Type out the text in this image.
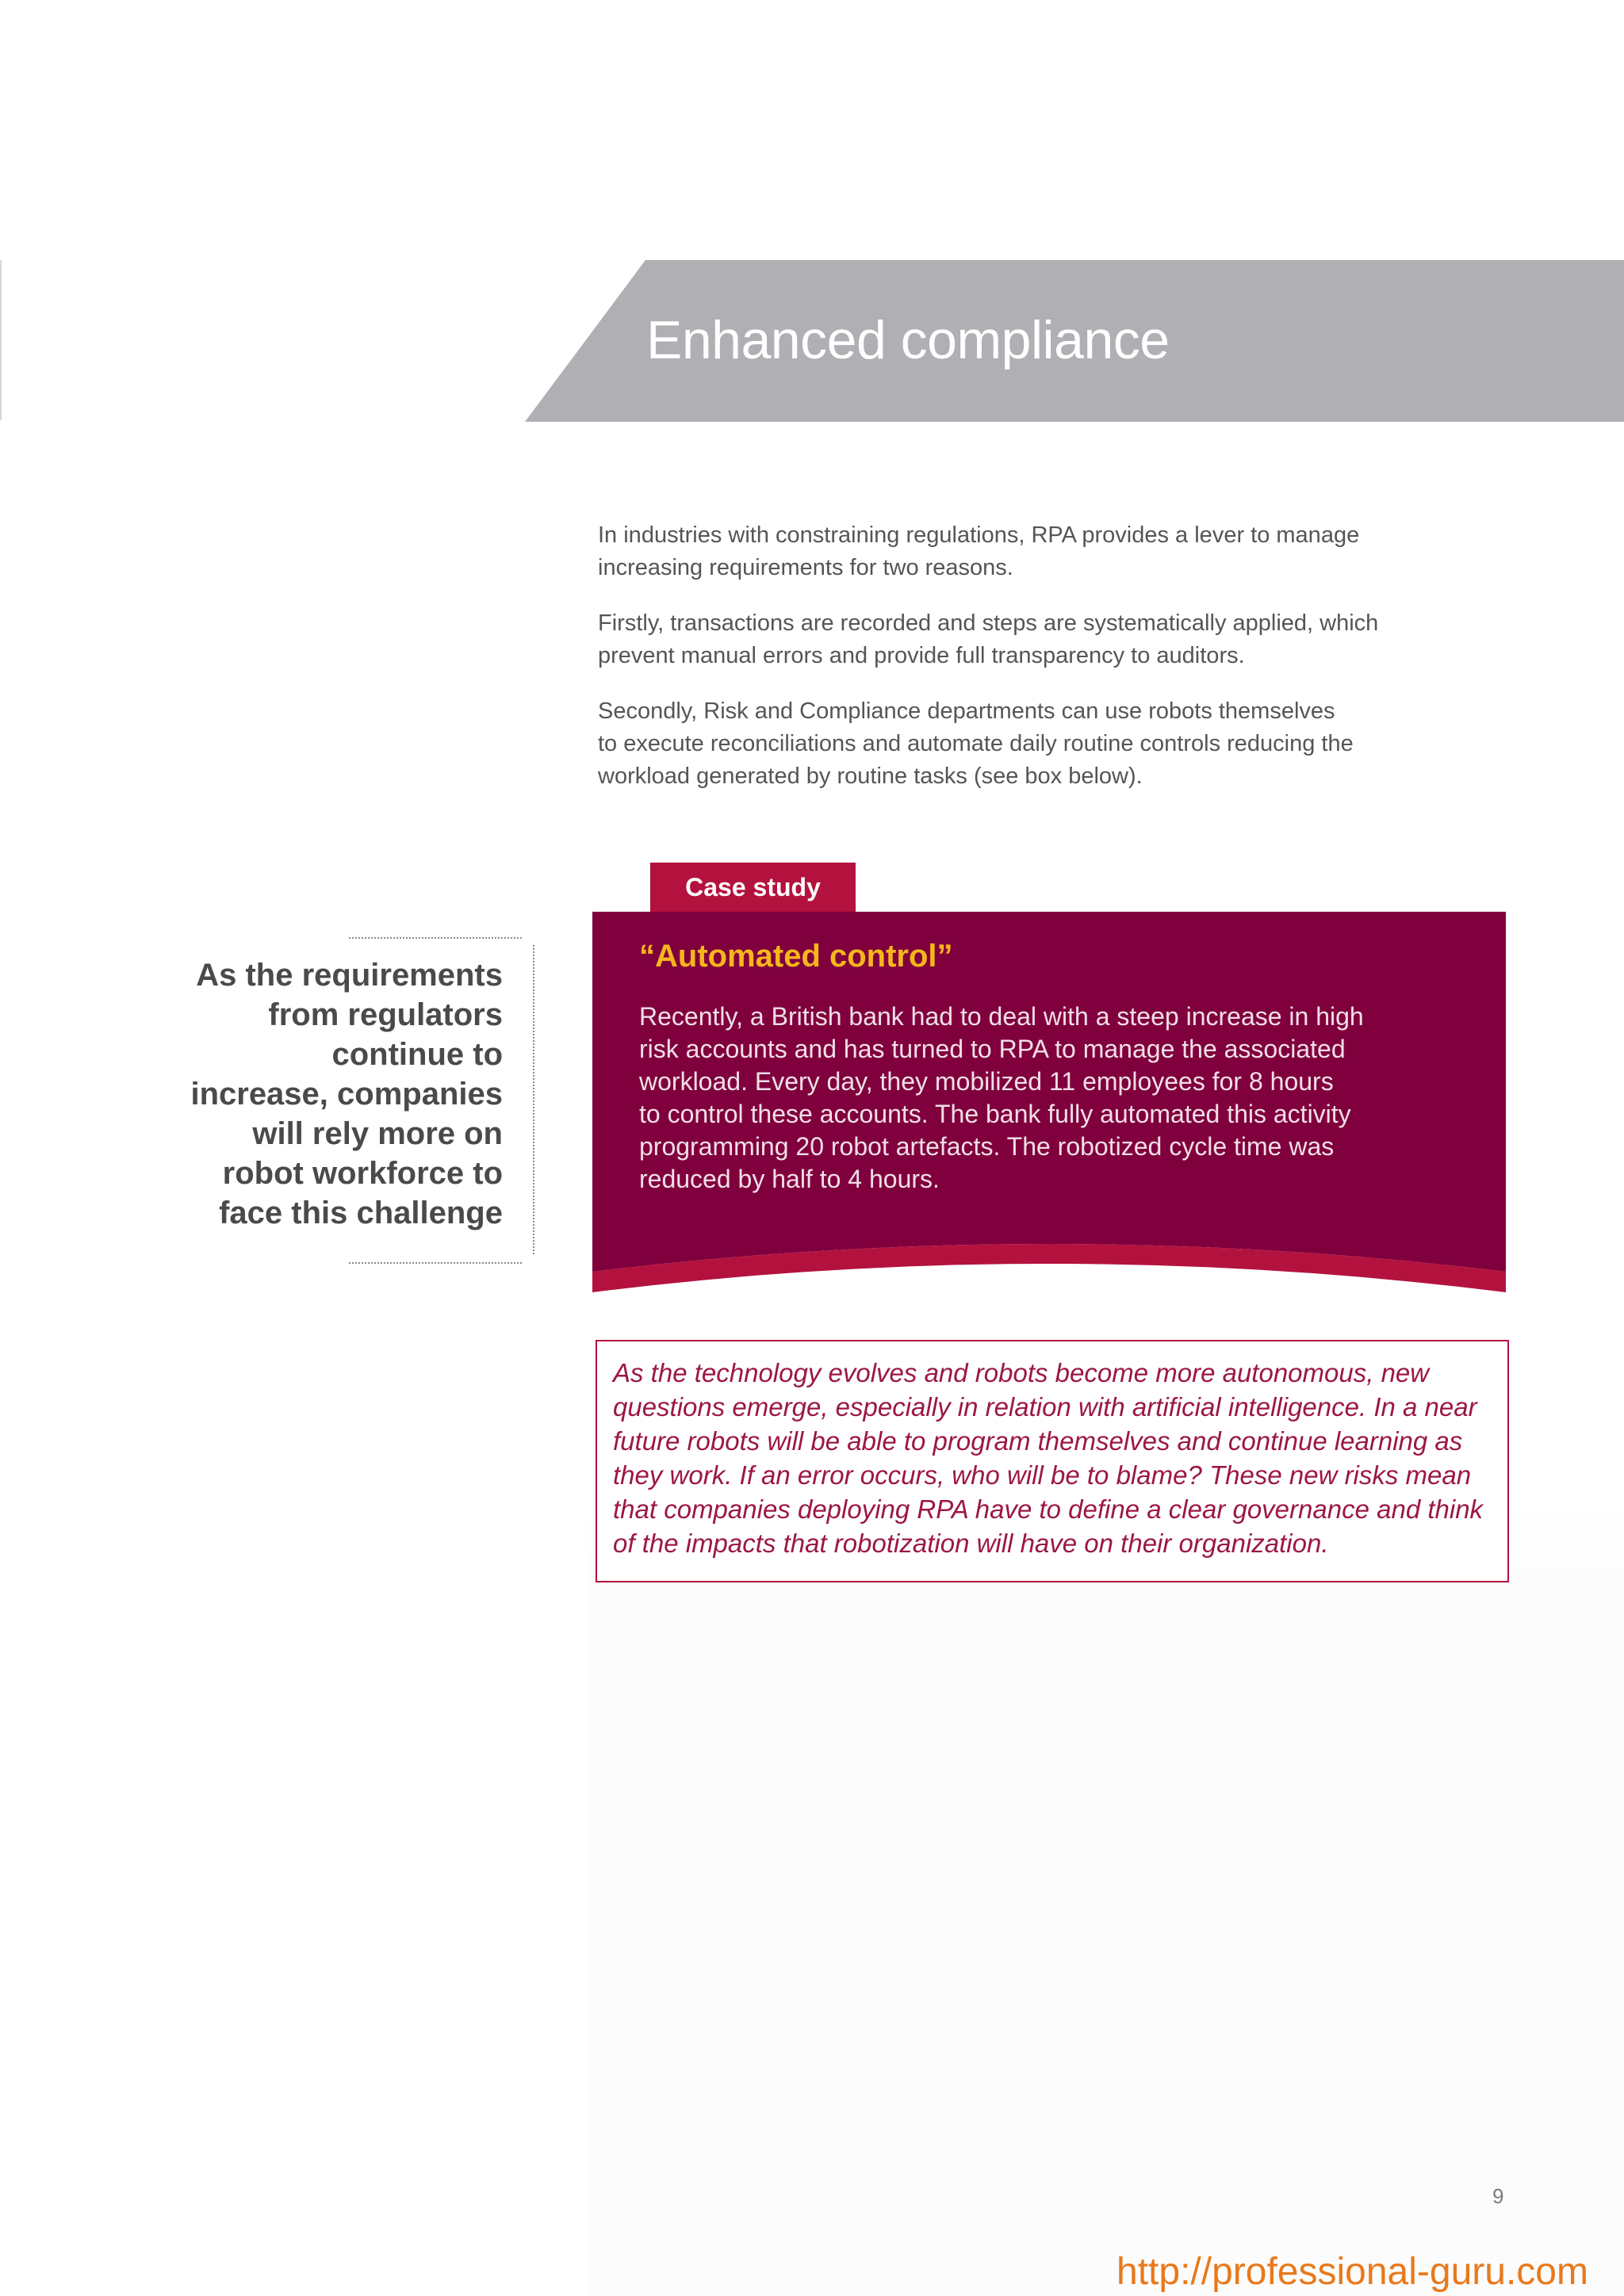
Enhanced compliance

In industries with constraining regulations, RPA provides a lever to manage
increasing requirements for two reasons.

Firstly, transactions are recorded and steps are systematically applied, which
prevent manual errors and provide full transparency to auditors.

Secondly, Risk and Compliance departments can use robots themselves
to execute reconciliations and automate daily routine controls reducing the
workload generated by routine tasks (see box below).

As the requirements
from regulators
continue to
increase, companies
will rely more on
robot workforce to
face this challenge
Case study
“Automated control”
Recently, a British bank had to deal with a steep increase in high
risk accounts and has turned to RPA to manage the associated
workload. Every day, they mobilized 11 employees for 8 hours
to control these accounts. The bank fully automated this activity
programming 20 robot artefacts. The robotized cycle time was
reduced by half to 4 hours.
As the technology evolves and robots become more autonomous, new
questions emerge, especially in relation with artificial intelligence. In a near
future robots will be able to program themselves and continue learning as
they work. If an error occurs, who will be to blame? These new risks mean
that companies deploying RPA have to define a clear governance and think
of the impacts that robotization will have on their organization.
9
http://professional-guru.com
